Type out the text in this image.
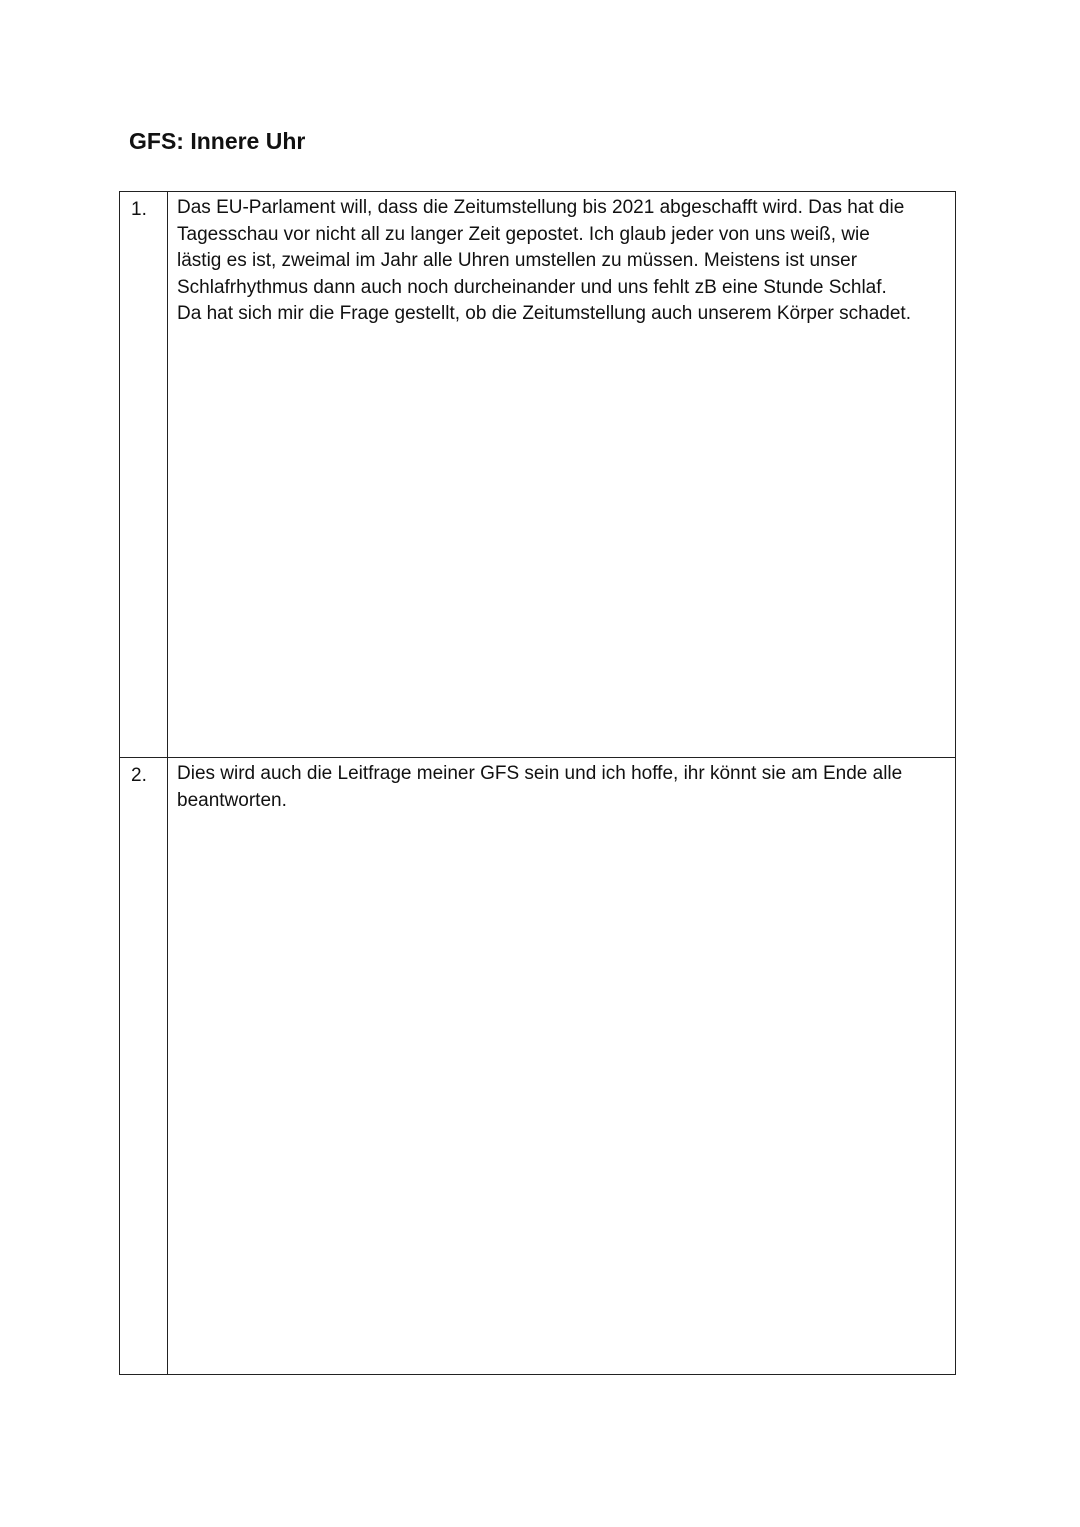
GFS: Innere Uhr
1.	Das EU-Parlament will, dass die Zeitumstellung bis 2021 abgeschafft wird. Das hat die
Tagesschau vor nicht all zu langer Zeit gepostet. Ich glaub jeder von uns weiß, wie
lästig es ist, zweimal im Jahr alle Uhren umstellen zu müssen. Meistens ist unser
Schlafrhythmus dann auch noch durcheinander und uns fehlt zB eine Stunde Schlaf.
Da hat sich mir die Frage gestellt, ob die Zeitumstellung auch unserem Körper schadet.

2.	Dies wird auch die Leitfrage meiner GFS sein und ich hoffe, ihr könnt sie am Ende alle
beantworten.
